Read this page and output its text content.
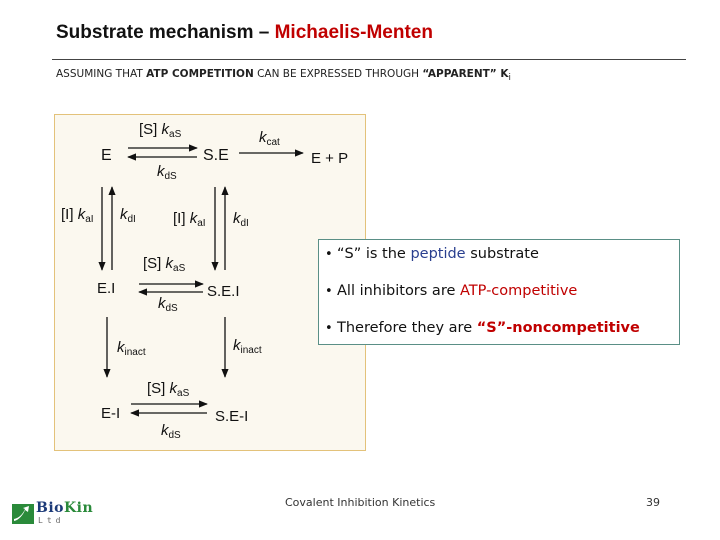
Substrate mechanism – Michaelis-Menten
ASSUMING THAT ATP COMPETITION CAN BE EXPRESSED THROUGH “APPARENT” $K_i$
E	S.E	E + P
E.I	S.E.I
E-I	S.E-I
[S] $k_{aS}$
$k_{dS}$
$k_{cat}$
[I] $k_{aI}$ $k_{dI}$ [I] $k_{aI}$ $k_{dI}$
[S] $k_{aS}$
$k_{dS}$
$k_{inact}$	$k_{inact}$
[S] $k_{aS}$
$k_{dS}$
• “S” is the peptide substrate
• All inhibitors are ATP-competitive
• Therefore they are “S”-noncompetitive
BioKin
Ltd
Covalent Inhibition Kinetics	39
